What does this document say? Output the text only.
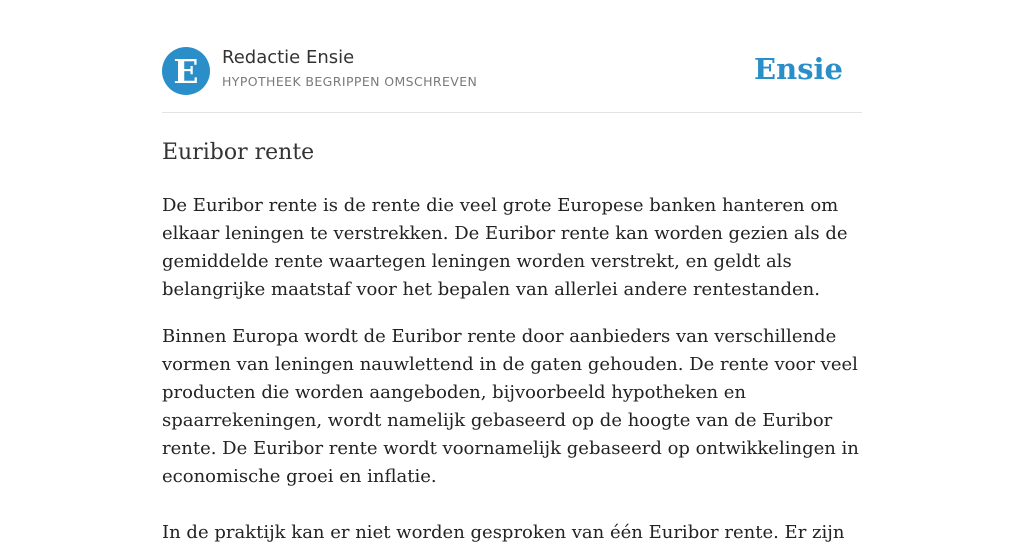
E Redactie Ensie
HYPOTHEEK BEGRIPPEN OMSCHREVEN	Ensie
Euribor rente

De Euribor rente is de rente die veel grote Europese banken hanteren om elkaar leningen te verstrekken. De Euribor rente kan worden gezien als de gemiddelde rente waartegen leningen worden verstrekt, en geldt als belangrijke maatstaf voor het bepalen van allerlei andere rentestanden.

Binnen Europa wordt de Euribor rente door aanbieders van verschillende vormen van leningen nauwlettend in de gaten gehouden. De rente voor veel producten die worden aangeboden, bijvoorbeeld hypotheken en spaarrekeningen, wordt namelijk gebaseerd op de hoogte van de Euribor rente. De Euribor rente wordt voornamelijk gebaseerd op ontwikkelingen in economische groei en inflatie.

In de praktijk kan er niet worden gesproken van één Euribor rente. Er zijn
